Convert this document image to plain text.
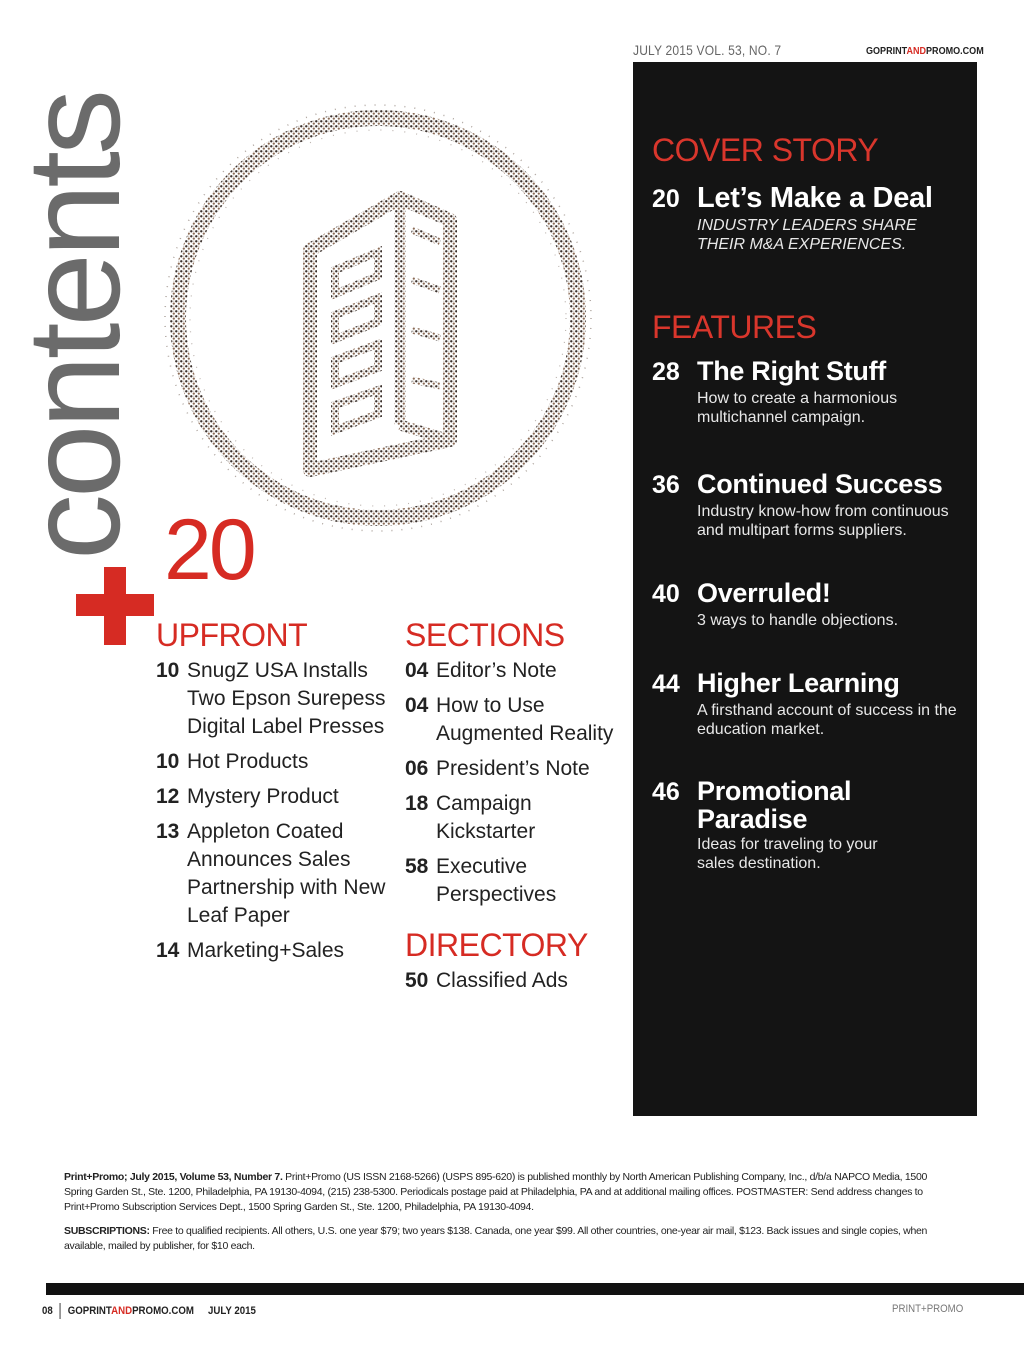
JULY 2015 VOL. 53, NO. 7	GOPRINTANDPROMO.COM
contents 20
COVER STORY
20 Let’s Make a Deal
INDUSTRY LEADERS SHARE THEIR M&A EXPERIENCES.
FEATURES
28 The Right Stuff
How to create a harmonious multichannel campaign.
36 Continued Success
Industry know-how from continuous and multipart forms suppliers.
40 Overruled!
3 ways to handle objections.
44 Higher Learning
A firsthand account of success in the education market.
46 Promotional Paradise
Ideas for traveling to your sales destination.
UPFRONT
10 SnugZ USA Installs Two Epson Surepess Digital Label Presses
10 Hot Products
12 Mystery Product
13 Appleton Coated Announces Sales Partnership with New Leaf Paper
14 Marketing+Sales
SECTIONS
04 Editor’s Note
04 How to Use Augmented Reality
06 President’s Note
18 Campaign Kickstarter
58 Executive Perspectives
DIRECTORY
50 Classified Ads

Print+Promo; July 2015, Volume 53, Number 7. Print+Promo (US ISSN 2168-5266) (USPS 895-620) is published monthly by North American Publishing Company, Inc., d/b/a NAPCO Media, 1500 Spring Garden St., Ste. 1200, Philadelphia, PA 19130-4094, (215) 238-5300. Periodicals postage paid at Philadelphia, PA and at additional mailing offices. POSTMASTER: Send address changes to Print+Promo Subscription Services Dept., 1500 Spring Garden St., Ste. 1200, Philadelphia, PA 19130-4094.

SUBSCRIPTIONS: Free to qualified recipients. All others, U.S. one year $79; two years $138. Canada, one year $99. All other countries, one-year air mail, $123. Back issues and single copies, when available, mailed by publisher, for $10 each.

08 GOPRINTANDPROMO.COM JULY 2015	PRINT+PROMO
